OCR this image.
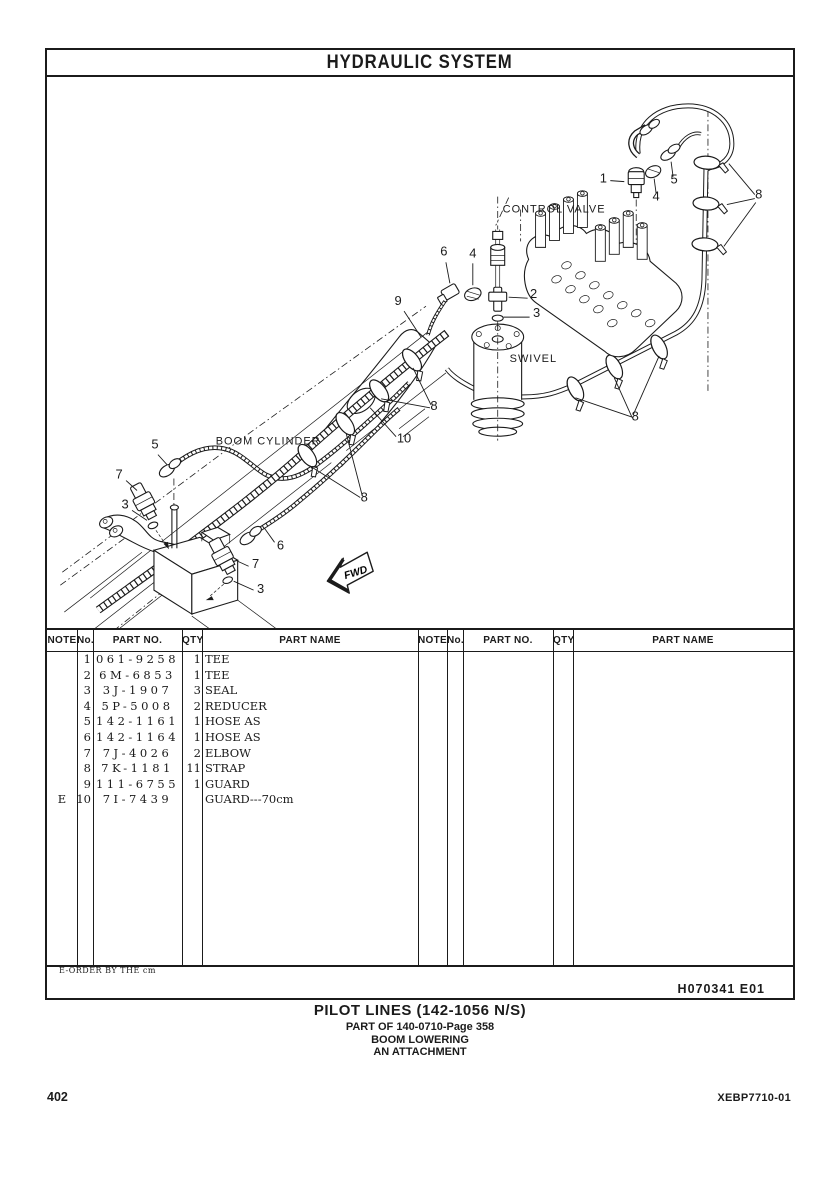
HYDRAULIC SYSTEM
1
4
5
8
6 4
2
3
9
8
8
10
8
5
7
3
6
7
3
CONTROL VALVE
SWIVEL
BOOM CYLINDER
FWD
NOTE No.	PART NO.	QTY	PART NAME	NOTE No.	PART NO.	QTY	PART NAME
1 061-9258	1 TEE
2 6M-6853	1 TEE
3	3J-1907	3 SEAL
4 5P-5008	2 REDUCER
5 142-1161	1 HOSE AS
6 142-1164	1 HOSE AS
7	7J-4026	2 ELBOW
8 7K-1181	11 STRAP
9 111-6755	1 GUARD
E 10	7I-7439	GUARD---70cm
E-ORDER BY THE cm
H070341 E01
PILOT LINES (142-1056 N/S)
PART OF 140-0710-Page 358
BOOM LOWERING
AN ATTACHMENT
402	XEBP7710-01
